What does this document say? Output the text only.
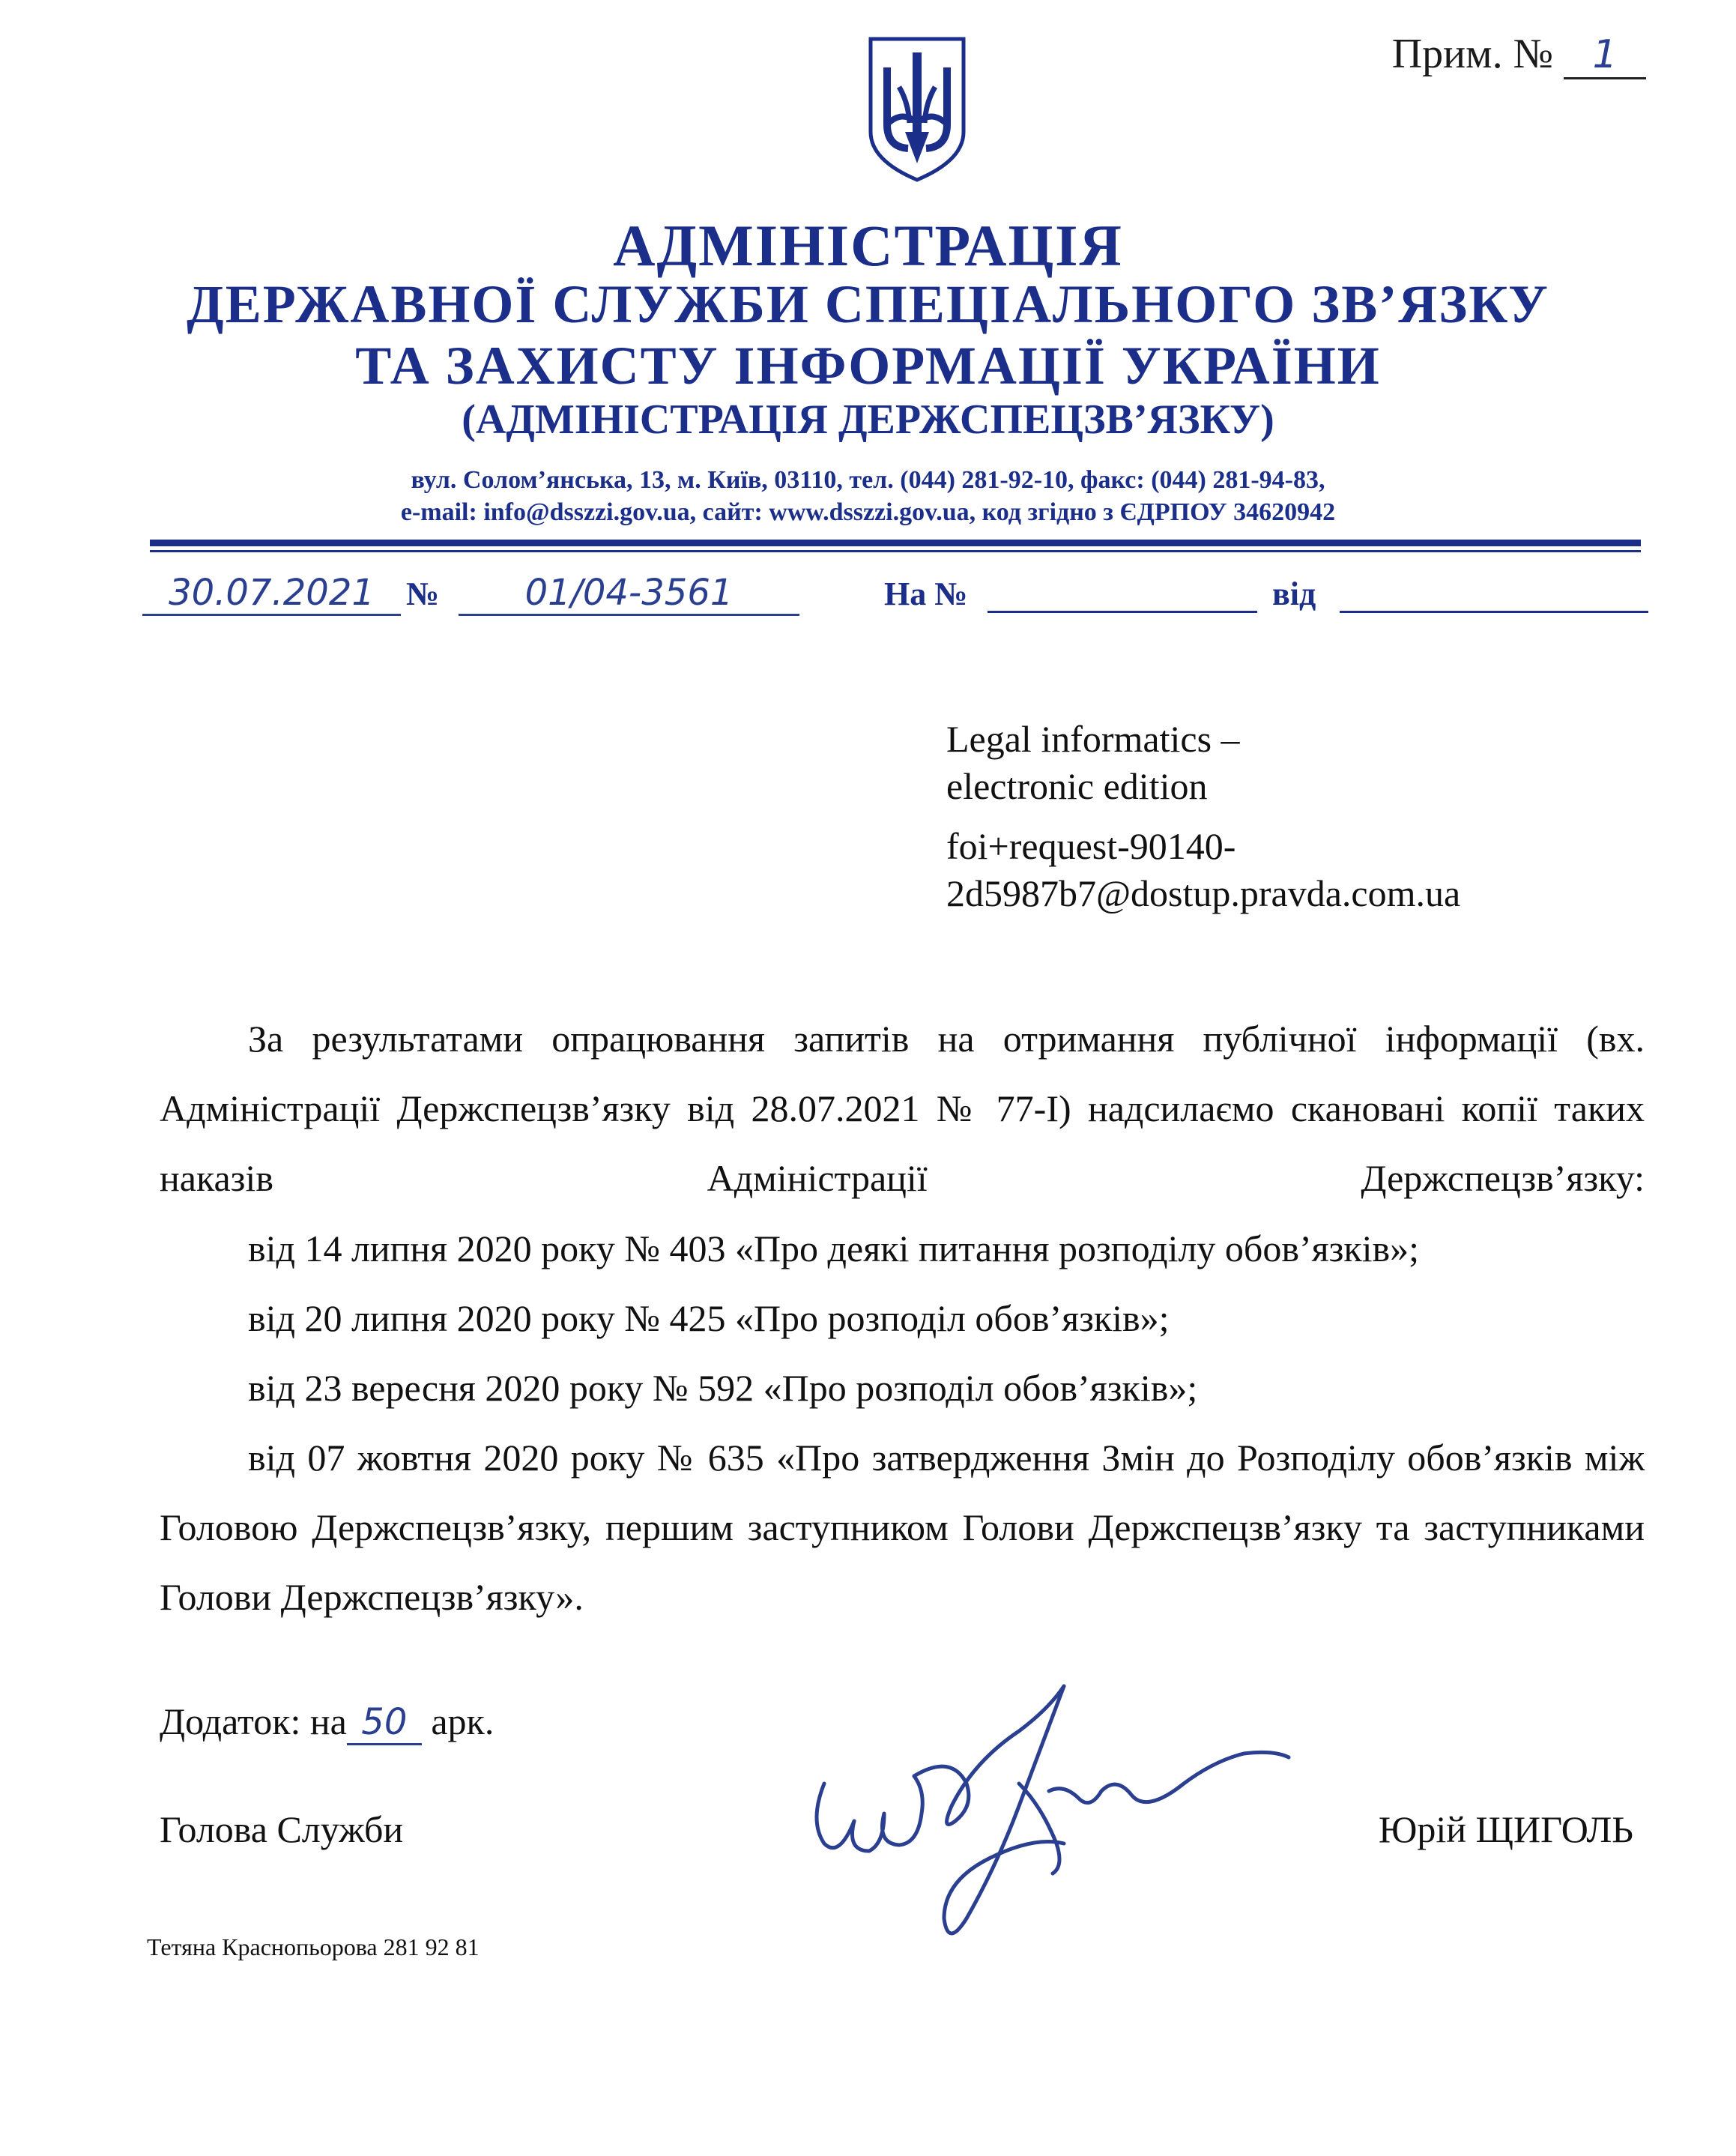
Прим. № 1
АДМІНІСТРАЦІЯ
ДЕРЖАВНОЇ СЛУЖБИ СПЕЦІАЛЬНОГО ЗВ’ЯЗКУ
ТА ЗАХИСТУ ІНФОРМАЦІЇ УКРАЇНИ
(АДМІНІСТРАЦІЯ ДЕРЖСПЕЦЗВ’ЯЗКУ)
вул. Солом’янська, 13, м. Київ, 03110, тел. (044) 281-92-10, факс: (044) 281-94-83,
e-mail: info@dsszzi.gov.ua, сайт: www.dsszzi.gov.ua, код згідно з ЄДРПОУ 34620942
30.07.2021 №	01/04-3561	На №	від
Legal informatics –
electronic edition
foi+request-90140-
2d5987b7@dostup.pravda.com.ua
За результатами опрацювання запитів на отримання публічної інформації (вх. Адміністрації Держспецзв’язку від 28.07.2021 № 77-І) надсилаємо скановані копії таких наказів Адміністрації Держспецзв’язку:
від 14 липня 2020 року № 403 «Про деякі питання розподілу обов’язків»;
від 20 липня 2020 року № 425 «Про розподіл обов’язків»;
від 23 вересня 2020 року № 592 «Про розподіл обов’язків»;
від 07 жовтня 2020 року № 635 «Про затвердження Змін до Розподілу обов’язків між Головою Держспецзв’язку, першим заступником Голови Держспецзв’язку та заступниками Голови Держспецзв’язку».
Додаток: на 50 арк.
Голова Служби	Юрій ЩИГОЛЬ
Тетяна Краснопьорова 281 92 81
